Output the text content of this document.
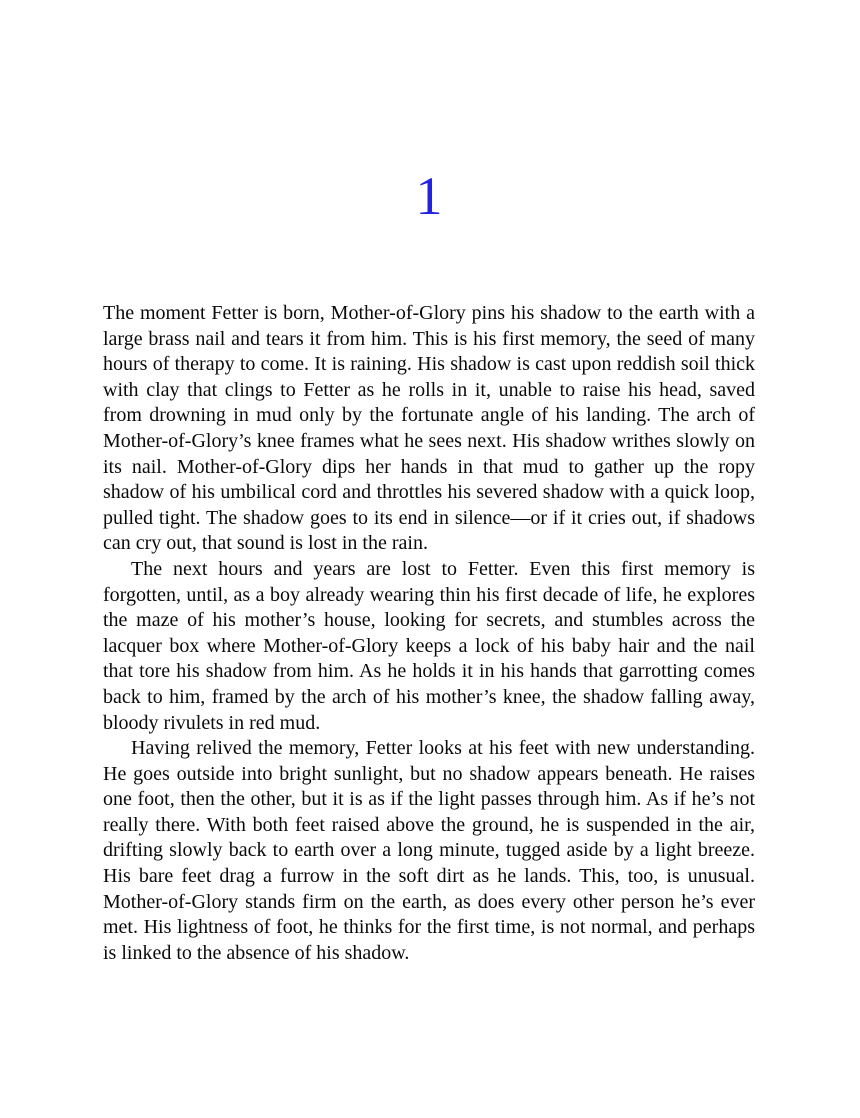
1

The moment Fetter is born, Mother-of-Glory pins his shadow to the earth with a large brass nail and tears it from him. This is his first memory, the seed of many hours of therapy to come. It is raining. His shadow is cast upon reddish soil thick with clay that clings to Fetter as he rolls in it, unable to raise his head, saved from drowning in mud only by the fortunate angle of his landing. The arch of Mother-of-Glory’s knee frames what he sees next. His shadow writhes slowly on its nail. Mother-of-Glory dips her hands in that mud to gather up the ropy shadow of his umbilical cord and throttles his severed shadow with a quick loop, pulled tight. The shadow goes to its end in silence—or if it cries out, if shadows can cry out, that sound is lost in the rain.

The next hours and years are lost to Fetter. Even this first memory is forgotten, until, as a boy already wearing thin his first decade of life, he explores the maze of his mother’s house, looking for secrets, and stumbles across the lacquer box where Mother-of-Glory keeps a lock of his baby hair and the nail that tore his shadow from him. As he holds it in his hands that garrotting comes back to him, framed by the arch of his mother’s knee, the shadow falling away, bloody rivulets in red mud.

Having relived the memory, Fetter looks at his feet with new understanding. He goes outside into bright sunlight, but no shadow appears beneath. He raises one foot, then the other, but it is as if the light passes through him. As if he’s not really there. With both feet raised above the ground, he is suspended in the air, drifting slowly back to earth over a long minute, tugged aside by a light breeze. His bare feet drag a furrow in the soft dirt as he lands. This, too, is unusual. Mother-of-Glory stands firm on the earth, as does every other person he’s ever met. His lightness of foot, he thinks for the first time, is not normal, and perhaps is linked to the absence of his shadow.
